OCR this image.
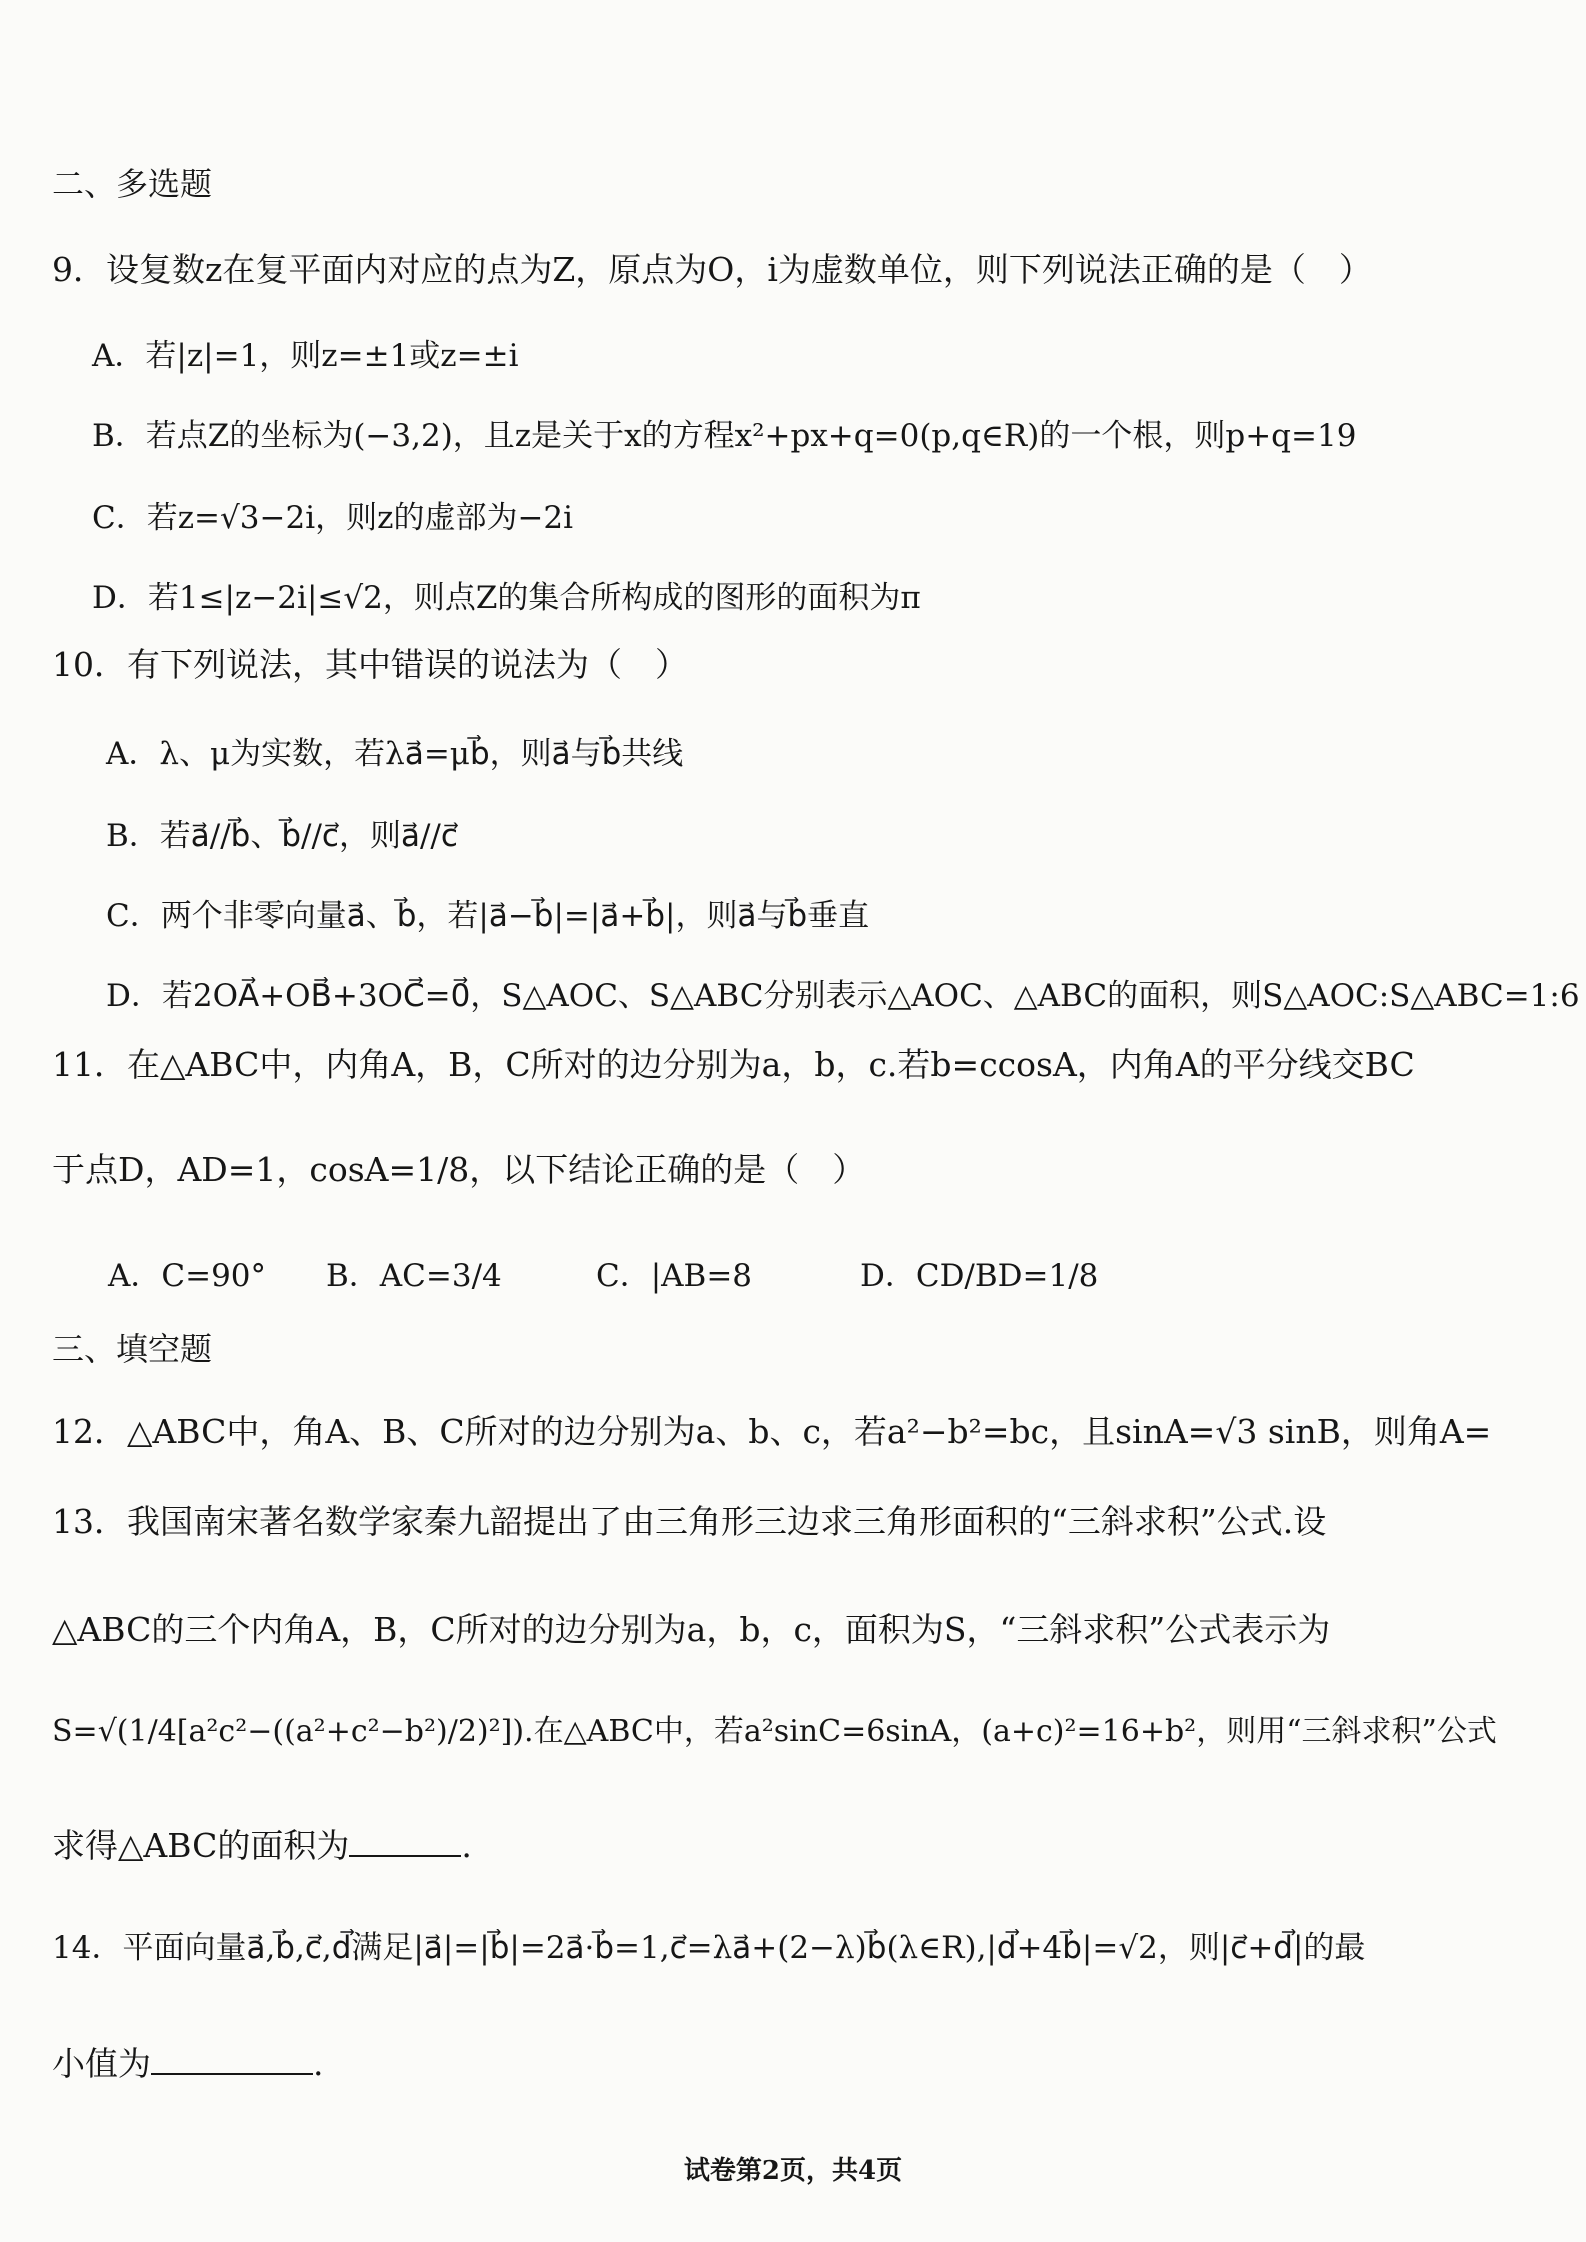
二、多选题
9．设复数z在复平面内对应的点为Z，原点为O，i为虚数单位，则下列说法正确的是（　）
A．若|z|=1，则z=±1或z=±i
B．若点Z的坐标为(−3,2)，且z是关于x的方程x²+px+q=0(p,q∈R)的一个根，则p+q=19
C．若z=√3−2i，则z的虚部为−2i
D．若1≤|z−2i|≤√2，则点Z的集合所构成的图形的面积为π
10．有下列说法，其中错误的说法为（　）
A．λ、μ为实数，若λa⃗=μb⃗，则a⃗与b⃗共线
B．若a⃗//b⃗、b⃗//c⃗，则a⃗//c⃗
C．两个非零向量a⃗、b⃗，若|a⃗−b⃗|=|a⃗+b⃗|，则a⃗与b⃗垂直
D．若2OA⃗+OB⃗+3OC⃗=0⃗，S△AOC、S△ABC分别表示△AOC、△ABC的面积，则S△AOC:S△ABC=1:6
11．在△ABC中，内角A，B，C所对的边分别为a，b，c.若b=ccosA，内角A的平分线交BC
于点D，AD=1，cosA=1/8，以下结论正确的是（　）
A．C=90° B．AC=3/4	C．|AB=8	D．CD/BD=1/8
三、填空题
12．△ABC中，角A、B、C所对的边分别为a、b、c，若a²−b²=bc，且sinA=√3 sinB，则角A=
13．我国南宋著名数学家秦九韶提出了由三角形三边求三角形面积的“三斜求积”公式.设
△ABC的三个内角A，B，C所对的边分别为a，b，c，面积为S，“三斜求积”公式表示为
S=√(1/4[a²c²−((a²+c²−b²)/2)²]).在△ABC中，若a²sinC=6sinA，(a+c)²=16+b²，则用“三斜求积”公式
求得△ABC的面积为	.
14．平面向量a⃗,b⃗,c⃗,d⃗满足|a⃗|=|b⃗|=2a⃗·b⃗=1,c⃗=λa⃗+(2−λ)b⃗(λ∈R),|d⃗+4b⃗|=√2，则|c⃗+d⃗|的最
小值为	.
试卷第2页，共4页
